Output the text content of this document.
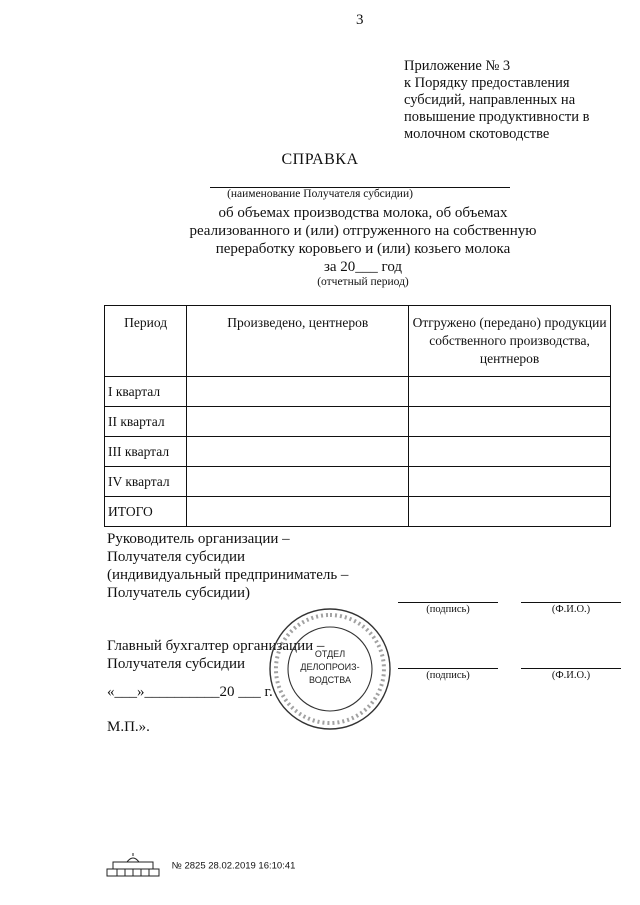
3
Приложение № 3
к Порядку предоставления
субсидий, направленных на
повышение продуктивности в
молочном скотоводстве
СПРАВКА
(наименование Получателя субсидии)
об объемах производства молока, об объемах
реализованного и (или) отгруженного на собственную
переработку коровьего и (или) козьего молока
за 20___ год
(отчетный период)
Период	Произведено, центнеров	Отгружено (передано) продукции собственного производства, центнеров
I квартал		
II квартал		
III квартал		
IV квартал		
ИТОГО		
Руководитель организации –
Получателя субсидии
(индивидуальный предприниматель –
Получатель субсидии)
(подпись)	(Ф.И.О.)
Главный бухгалтер организации –
Получателя субсидии
(подпись)	(Ф.И.О.)
«___»__________20 ___ г.
М.П.».
ОТДЕЛ
ДЕЛОПРОИЗ-
ВОДСТВА
№ 2825 28.02.2019 16:10:41
